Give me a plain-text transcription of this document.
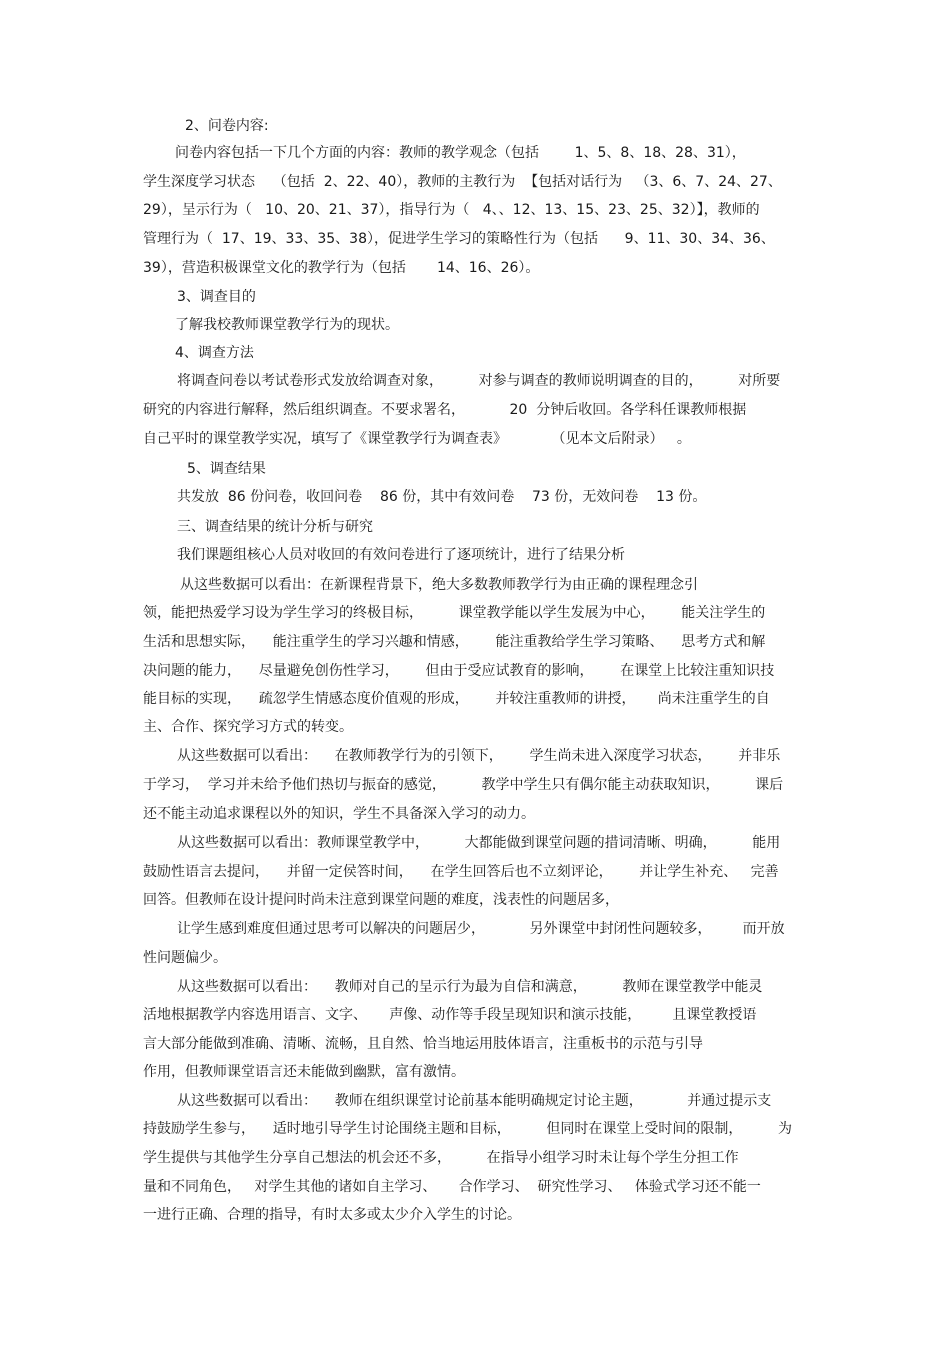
2、问卷内容:
问卷内容包括一下几个方面的内容：教师的教学观念（包括        1、5、8、18、28、31），
学生深度学习状态    （包括  2、22、40），教师的主教行为  【包括对话行为   （3、6、7、24、27、
29），呈示行为（   10、20、21、37），指导行为（   4、、12、13、15、23、25、32）】，教师的
管理行为（  17、19、33、35、38），促进学生学习的策略性行为（包括      9、11、30、34、36、
39），营造积极课堂文化的教学行为（包括       14、16、26）。
3、调查目的
了解我校教师课堂教学行为的现状。
4、调查方法
将调查问卷以考试卷形式发放给调查对象，        对参与调查的教师说明调查的目的，        对所要
研究的内容进行解释，然后组织调查。不要求署名，          20  分钟后收回。各学科任课教师根据
自己平时的课堂教学实况，填写了《课堂教学行为调查表》          （见本文后附录）   。
5、调查结果
共发放  86 份问卷，收回问卷    86 份，其中有效问卷    73 份，无效问卷    13 份。
三、调查结果的统计分析与研究
我们课题组核心人员对收回的有效问卷进行了逐项统计，进行了结果分析
从这些数据可以看出：在新课程背景下，绝大多数教师教学行为由正确的课程理念引
领，能把热爱学习设为学生学习的终极目标，        课堂教学能以学生发展为中心，      能关注学生的
生活和思想实际，    能注重学生的学习兴趣和情感，      能注重教给学生学习策略、    思考方式和解
决问题的能力，    尽量避免创伤性学习，      但由于受应试教育的影响，      在课堂上比较注重知识技
能目标的实现，    疏忽学生情感态度价值观的形成，      并较注重教师的讲授，     尚未注重学生的自
主、合作、探究学习方式的转变。
从这些数据可以看出：    在教师教学行为的引领下，      学生尚未进入深度学习状态，      并非乐
于学习，  学习并未给予他们热切与振奋的感觉，        教学中学生只有偶尔能主动获取知识，        课后
还不能主动追求课程以外的知识，学生不具备深入学习的动力。
从这些数据可以看出：教师课堂教学中，        大都能做到课堂问题的措词清晰、明确，        能用
鼓励性语言去提问，    并留一定侯答时间，    在学生回答后也不立刻评论，      并让学生补充、   完善
回答。但教师在设计提问时尚未注意到课堂问题的难度，浅表性的问题居多，
让学生感到难度但通过思考可以解决的问题居少，          另外课堂中封闭性问题较多，       而开放
性问题偏少。
从这些数据可以看出：    教师对自己的呈示行为最为自信和满意，        教师在课堂教学中能灵
活地根据教学内容选用语言、文字、     声像、动作等手段呈现知识和演示技能，       且课堂教授语
言大部分能做到准确、清晰、流畅，且自然、恰当地运用肢体语言，注重板书的示范与引导
作用，但教师课堂语言还未能做到幽默，富有激情。
从这些数据可以看出：    教师在组织课堂讨论前基本能明确规定讨论主题，          并通过提示支
持鼓励学生参与，    适时地引导学生讨论围绕主题和目标，        但同时在课堂上受时间的限制，        为
学生提供与其他学生分享自己想法的机会还不多，        在指导小组学习时未让每个学生分担工作
量和不同角色，   对学生其他的诸如自主学习、     合作学习、  研究性学习、   体验式学习还不能一
一进行正确、合理的指导，有时太多或太少介入学生的讨论。
